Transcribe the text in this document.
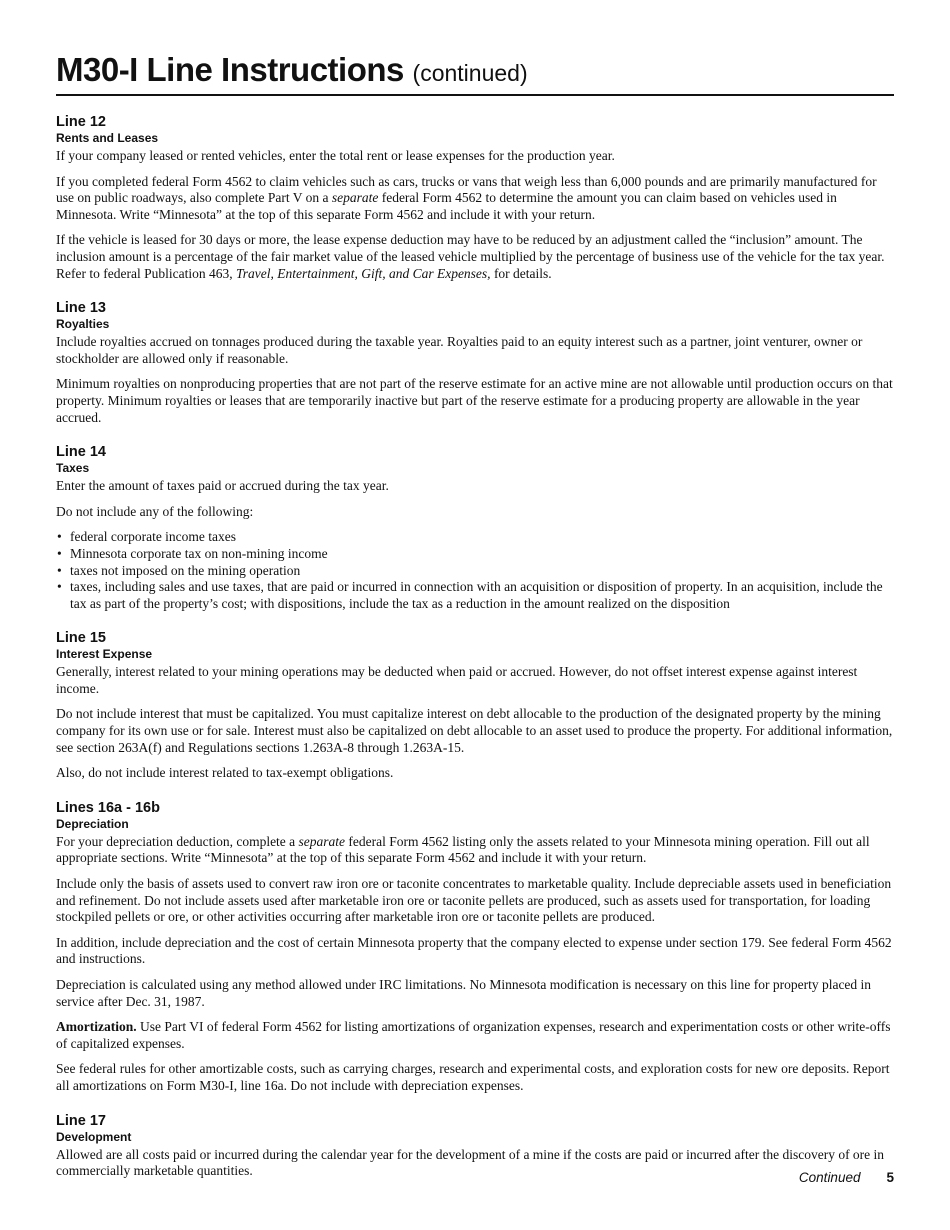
M30-I Line Instructions (continued)
Line 12
Rents and Leases

If your company leased or rented vehicles, enter the total rent or lease expenses for the production year.

If you completed federal Form 4562 to claim vehicles such as cars, trucks or vans that weigh less than 6,000 pounds and are primarily manufactured for use on public roadways, also complete Part V on a separate federal Form 4562 to determine the amount you can claim based on vehicles used in Minnesota. Write “Minnesota” at the top of this separate Form 4562 and include it with your return.

If the vehicle is leased for 30 days or more, the lease expense deduction may have to be reduced by an adjustment called the “inclusion” amount. The inclusion amount is a percentage of the fair market value of the leased vehicle multiplied by the percentage of business use of the vehicle for the tax year. Refer to federal Publication 463, Travel, Entertainment, Gift, and Car Expenses, for details.

Line 13
Royalties

Include royalties accrued on tonnages produced during the taxable year. Royalties paid to an equity interest such as a partner, joint venturer, owner or stockholder are allowed only if reasonable.

Minimum royalties on nonproducing properties that are not part of the reserve estimate for an active mine are not allowable until production occurs on that property. Minimum royalties or leases that are temporarily inactive but part of the reserve estimate for a producing property are allowable in the year accrued.

Line 14
Taxes

Enter the amount of taxes paid or accrued during the tax year.

Do not include any of the following:

• federal corporate income taxes
• Minnesota corporate tax on non-mining income
• taxes not imposed on the mining operation
• taxes, including sales and use taxes, that are paid or incurred in connection with an acquisition or disposition of property. In an acquisition, include the tax as part of the property’s cost; with dispositions, include the tax as a reduction in the amount realized on the disposition
Line 15
Interest Expense

Generally, interest related to your mining operations may be deducted when paid or accrued. However, do not offset interest expense against interest income.

Do not include interest that must be capitalized. You must capitalize interest on debt allocable to the production of the designated property by the mining company for its own use or for sale. Interest must also be capitalized on debt allocable to an asset used to produce the property. For additional information, see section 263A(f) and Regulations sections 1.263A-8 through 1.263A-15.

Also, do not include interest related to tax-exempt obligations.

Lines 16a - 16b
Depreciation

For your depreciation deduction, complete a separate federal Form 4562 listing only the assets related to your Minnesota mining operation. Fill out all appropriate sections. Write “Minnesota” at the top of this separate Form 4562 and include it with your return.

Include only the basis of assets used to convert raw iron ore or taconite concentrates to marketable quality. Include depreciable assets used in beneficiation and refinement. Do not include assets used after marketable iron ore or taconite pellets are produced, such as assets used for transportation, for loading stockpiled pellets or ore, or other activities occurring after marketable iron ore or taconite pellets are produced.

In addition, include depreciation and the cost of certain Minnesota property that the company elected to expense under section 179. See federal Form 4562 and instructions.

Depreciation is calculated using any method allowed under IRC limitations. No Minnesota modification is necessary on this line for property placed in service after Dec. 31, 1987.

Amortization. Use Part VI of federal Form 4562 for listing amortizations of organization expenses, research and experimentation costs or other write-offs of capitalized expenses.

See federal rules for other amortizable costs, such as carrying charges, research and experimental costs, and exploration costs for new ore deposits. Report all amortizations on Form M30-I, line 16a. Do not include with depreciation expenses.

Line 17
Development

Allowed are all costs paid or incurred during the calendar year for the development of a mine if the costs are paid or incurred after the discovery of ore in commercially marketable quantities.	Continued 5
